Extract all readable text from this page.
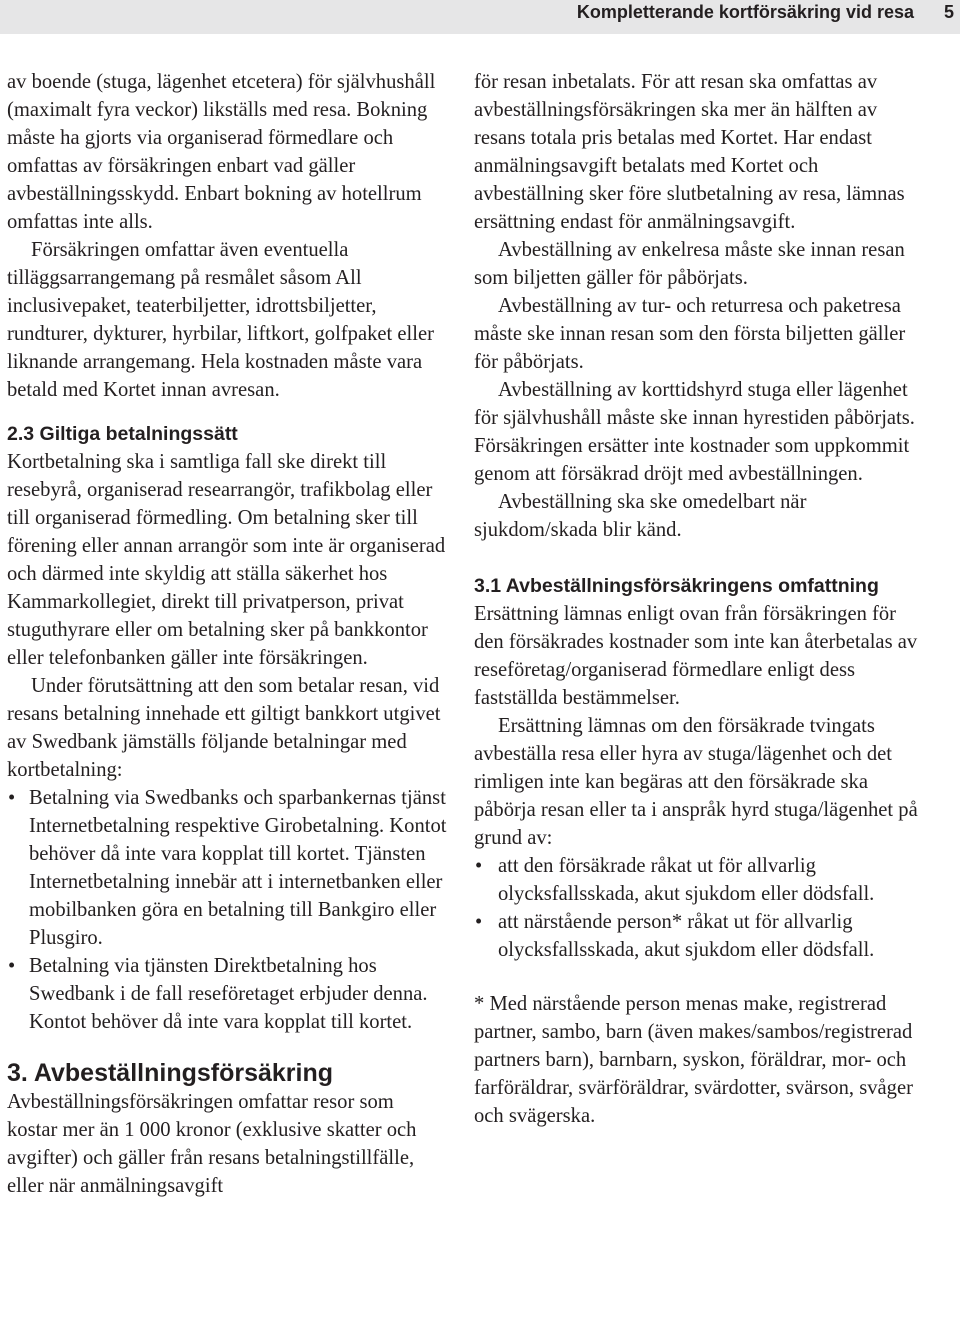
Kompletterande kortförsäkring vid resa 5

av boende (stuga, lägenhet etcetera) för självhushåll (maximalt fyra veckor) likställs med resa. Bokning måste ha gjorts via organiserad förmedlare och omfattas av försäkringen enbart vad gäller avbeställningsskydd. Enbart bokning av hotellrum omfattas inte alls.

Försäkringen omfattar även eventuella tilläggsarrangemang på resmålet såsom All inclusivepaket, teaterbiljetter, idrottsbiljetter, rundturer, dykturer, hyrbilar, liftkort, golfpaket eller liknande arrangemang. Hela kostnaden måste vara betald med Kortet innan avresan.

2.3 Giltiga betalningssätt

Kortbetalning ska i samtliga fall ske direkt till resebyrå, organiserad researrangör, trafikbolag eller till organiserad förmedling. Om betalning sker till förening eller annan arrangör som inte är organiserad och därmed inte skyldig att ställa säkerhet hos Kammarkollegiet, direkt till privatperson, privat stuguthyrare eller om betalning sker på bankkontor eller telefonbanken gäller inte försäkringen.

Under förutsättning att den som betalar resan, vid resans betalning innehade ett giltigt bankkort utgivet av Swedbank jämställs följande betalningar med kortbetalning:

• Betalning via Swedbanks och sparbankernas tjänst Internetbetalning respektive Girobetalning. Kontot behöver då inte vara kopplat till kortet. Tjänsten Internetbetalning innebär att i internetbanken eller mobilbanken göra en betalning till Bankgiro eller Plusgiro.
• Betalning via tjänsten Direktbetalning hos Swedbank i de fall reseföretaget erbjuder denna. Kontot behöver då inte vara kopplat till kortet.
3. Avbeställningsförsäkring

Avbeställningsförsäkringen omfattar resor som kostar mer än 1 000 kronor (exklusive skatter och avgifter) och gäller från resans betalningstillfälle, eller när anmälningsavgift

för resan inbetalats. För att resan ska omfattas av avbeställningsförsäkringen ska mer än hälften av resans totala pris betalas med Kortet. Har endast anmälningsavgift betalats med Kortet och avbeställning sker före slutbetalning av resa, lämnas ersättning endast för anmälningsavgift.

Avbeställning av enkelresa måste ske innan resan som biljetten gäller för påbörjats.

Avbeställning av tur- och returresa och paketresa måste ske innan resan som den första biljetten gäller för påbörjats.

Avbeställning av korttidshyrd stuga eller lägenhet för självhushåll måste ske innan hyrestiden påbörjats. Försäkringen ersätter inte kostnader som uppkommit genom att försäkrad dröjt med avbeställningen.

Avbeställning ska ske omedelbart när sjukdom/skada blir känd.

3.1 Avbeställningsförsäkringens omfattning

Ersättning lämnas enligt ovan från försäkringen för den försäkrades kostnader som inte kan återbetalas av reseföretag/organiserad förmedlare enligt dess fastställda bestämmelser.

Ersättning lämnas om den försäkrade tvingats avbeställa resa eller hyra av stuga/lägenhet och det rimligen inte kan begäras att den försäkrade ska påbörja resan eller ta i anspråk hyrd stuga/lägenhet på grund av:

• att den försäkrade råkat ut för allvarlig olycksfallsskada, akut sjukdom eller dödsfall.
• att närstående person* råkat ut för allvarlig olycksfallsskada, akut sjukdom eller dödsfall.

* Med närstående person menas make, registrerad partner, sambo, barn (även makes/sambos/registrerad partners barn), barnbarn, syskon, föräldrar, mor- och farföräldrar, svärföräldrar, svärdotter, svärson, svåger och svägerska.
